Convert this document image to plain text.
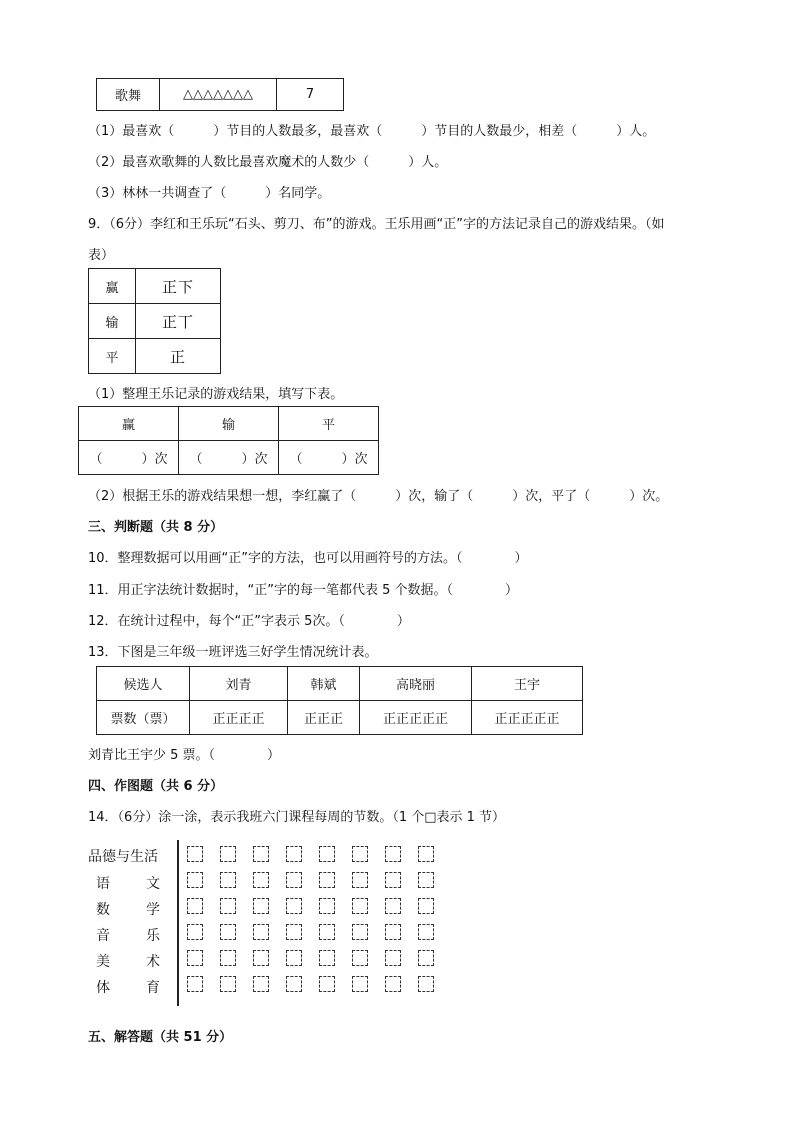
歌舞	△△△△△△△	7
（1）最喜欢（　　　）节目的人数最多，最喜欢（　　　）节目的人数最少，相差（　　　）人。
（2）最喜欢歌舞的人数比最喜欢魔术的人数少（　　　）人。
（3）林林一共调查了（　　　）名同学。
9．（6分）李红和王乐玩“石头、剪刀、布”的游戏。王乐用画“正”字的方法记录自己的游戏结果。（如
表）
赢	正下
输	正丅
平	正
（1）整理王乐记录的游戏结果，填写下表。
赢	输	平
（　　　）次	（　　　）次	（　　　）次
（2）根据王乐的游戏结果想一想，李红赢了（　　　）次，输了（　　　）次，平了（　　　）次。
三、判断题（共 8 分）
10．整理数据可以用画“正”字的方法，也可以用画符号的方法。（　　　　）
11．用正字法统计数据时，“正”字的每一笔都代表 5 个数据。（　　　　）
12．在统计过程中，每个“正”字表示 5次。（　　　　）
13．下图是三年级一班评选三好学生情况统计表。
候选人	刘青	韩斌	高晓丽	王宇
票数（票）	正正正正	正正正	正正正正正	正正正正正
刘青比王宇少 5 票。（　　　　）
四、作图题（共 6 分）
14．（6分）涂一涂，表示我班六门课程每周的节数。（1 个□表示 1 节）
品德与生活
语	文
数	学
音	乐
美	术
体	育
五、解答题（共 51 分）
